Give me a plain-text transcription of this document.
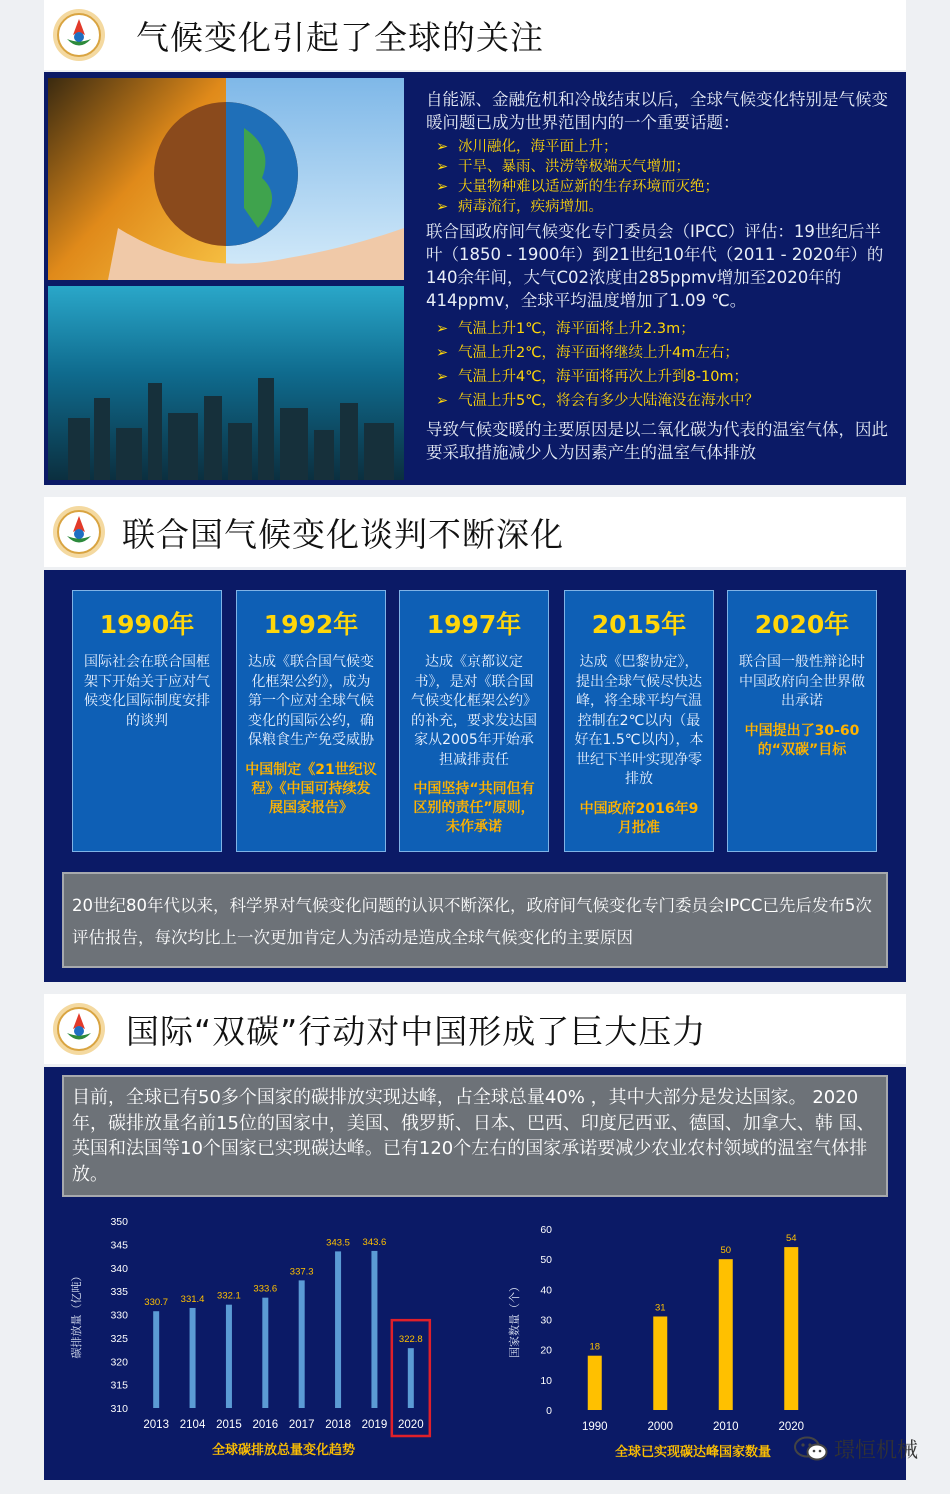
气候变化引起了全球的关注
自能源、金融危机和冷战结束以后，全球气候变化特别是气候变暖问题已成为世界范围内的一个重要话题：
➢ 冰川融化，海平面上升；
➢ 干旱、暴雨、洪涝等极端天气增加；
➢ 大量物种难以适应新的生存环境而灭绝；
➢ 病毒流行，疾病增加。
联合国政府间气候变化专门委员会（IPCC）评估：19世纪后半叶（1850 - 1900年）到21世纪10年代（2011 - 2020年）的140余年间，大气C02浓度由285ppmv增加至2020年的414ppmv，全球平均温度增加了1.09 ℃。
➢ 气温上升1℃，海平面将上升2.3m；
➢ 气温上升2℃，海平面将继续上升4m左右；
➢ 气温上升4℃，海平面将再次上升到8-10m；
➢ 气温上升5℃，将会有多少大陆淹没在海水中？
导致气候变暖的主要原因是以二氧化碳为代表的温室气体，因此要采取措施减少人为因素产生的温室气体排放
联合国气候变化谈判不断深化
1990年
国际社会在联合国框架下开始关于应对气候变化国际制度安排的谈判
1992年
达成《联合国气候变化框架公约》，成为第一个应对全球气候变化的国际公约，确保粮食生产免受威胁
中国制定《21世纪议程》《中国可持续发展国家报告》
1997年
达成《京都议定书》，是对《联合国气候变化框架公约》的补充，要求发达国家从2005年开始承担减排责任
中国坚持“共同但有区别的责任”原则，未作承诺
2015年
达成《巴黎协定》，提出全球气候尽快达峰，将全球平均气温控制在2℃以内（最好在1.5℃以内），本世纪下半叶实现净零排放
中国政府2016年9月批准
2020年
联合国一般性辩论时中国政府向全世界做出承诺
中国提出了30-60的“双碳”目标
20世纪80年代以来，科学界对气候变化问题的认识不断深化，政府间气候变化专门委员会IPCC已先后发布5次评估报告，每次均比上一次更加肯定人为活动是造成全球气候变化的主要原因
国际“双碳”行动对中国形成了巨大压力
目前，全球已有50多个国家的碳排放实现达峰，占全球总量40% ，其中大部分是发达国家。 2020年，碳排放量名前15位的国家中，美国、俄罗斯、日本、巴西、印度尼西亚、德国、加拿大、韩 国、英国和法国等10个国家已实现碳达峰。已有120个左右的国家承诺要减少农业农村领域的温室气体排放。
310
315
320
325
330
335
340
345
350
碳排放量（亿吨）	330.7
2013
331.4
2104
332.1
2015
333.6
2016
337.3
2017
343.5
2018
343.6
2019
322.8
2020
全球碳排放总量变化趋势
0
10
20
30
40
50
60
国家数量（个）	18
1990
31
2000
50
2010
54
2020
全球已实现碳达峰国家数量	璟恒机械
